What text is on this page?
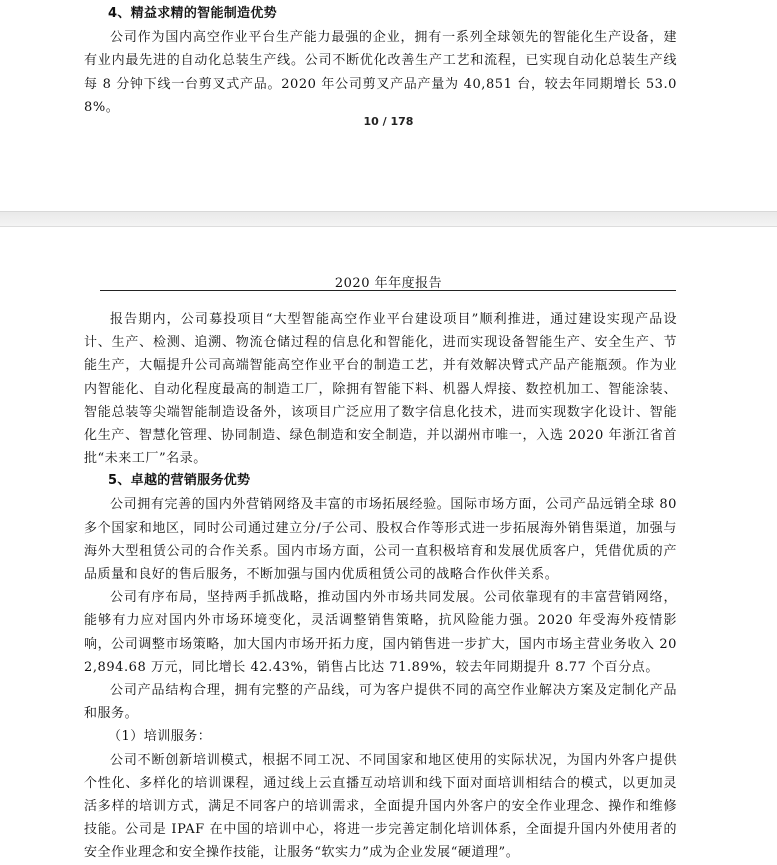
4、精益求精的智能制造优势

公司作为国内高空作业平台生产能力最强的企业，拥有一系列全球领先的智能化生产设备，建有业内最先进的自动化总装生产线。公司不断优化改善生产工艺和流程，已实现自动化总装生产线每 8 分钟下线一台剪叉式产品。2020 年公司剪叉产品产量为 40,851 台，较去年同期增长 53.08%。

10 / 178
2020 年年度报告

报告期内，公司募投项目“大型智能高空作业平台建设项目”顺利推进，通过建设实现产品设计、生产、检测、追溯、物流仓储过程的信息化和智能化，进而实现设备智能生产、安全生产、节能生产，大幅提升公司高端智能高空作业平台的制造工艺，并有效解决臂式产品产能瓶颈。作为业内智能化、自动化程度最高的制造工厂，除拥有智能下料、机器人焊接、数控机加工、智能涂装、智能总装等尖端智能制造设备外，该项目广泛应用了数字信息化技术，进而实现数字化设计、智能化生产、智慧化管理、协同制造、绿色制造和安全制造，并以湖州市唯一，入选 2020 年浙江省首批“未来工厂”名录。

5、卓越的营销服务优势

公司拥有完善的国内外营销网络及丰富的市场拓展经验。国际市场方面，公司产品远销全球 80 多个国家和地区，同时公司通过建立分/子公司、股权合作等形式进一步拓展海外销售渠道，加强与海外大型租赁公司的合作关系。国内市场方面，公司一直积极培育和发展优质客户，凭借优质的产品质量和良好的售后服务，不断加强与国内优质租赁公司的战略合作伙伴关系。

公司有序布局，坚持两手抓战略，推动国内外市场共同发展。公司依靠现有的丰富营销网络，能够有力应对国内外市场环境变化，灵活调整销售策略，抗风险能力强。2020 年受海外疫情影响，公司调整市场策略，加大国内市场开拓力度，国内销售进一步扩大，国内市场主营业务收入 202,894.68 万元，同比增长 42.43%，销售占比达 71.89%，较去年同期提升 8.77 个百分点。

公司产品结构合理，拥有完整的产品线，可为客户提供不同的高空作业解决方案及定制化产品和服务。

（1）培训服务：

公司不断创新培训模式，根据不同工况、不同国家和地区使用的实际状况，为国内外客户提供个性化、多样化的培训课程，通过线上云直播互动培训和线下面对面培训相结合的模式，以更加灵活多样的培训方式，满足不同客户的培训需求，全面提升国内外客户的安全作业理念、操作和维修技能。公司是 IPAF 在中国的培训中心，将进一步完善定制化培训体系，全面提升国内外使用者的安全作业理念和安全操作技能，让服务“软实力”成为企业发展“硬道理”。
